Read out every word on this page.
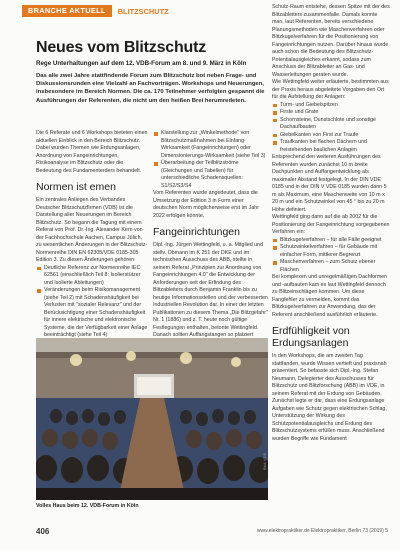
BRANCHE AKTUELL	BLITZSCHUTZ
Neues vom Blitzschutz
Rege Unterhaltungen auf dem 12. VDB-Forum am 8. und 9. März in Köln
Das alle zwei Jahre stattfindende Forum zum Blitzschutz bot neben Frage- und Diskussionsrunden eine Vielzahl an Fachvorträgen. Workshops und Neuerungen, insbesondere im Bereich Normen. Die ca. 170 Teilnehmer verfolgten gespannt die Ausführungen der Referenten, die nicht um den heißen Brei herumredeten.

Die 6 Referate und 6 Workshops bieteten einen aktuellen Einblick in den Bereich Blitzschutz. Dabei wurden Themen wie Erdungsanlagen, Anordnung von Fangeinrichtungen, Risikoanalyse im Blitzschutz oder die Bedeutung des Fundamenterders behandelt.

Normen ist emen

Ein zentrales Anliegen des Verbandes Deutscher Blitzschutzfirmen (VDB) ist die Darstellung aller Neuerungen im Bereich Blitzschutz. So begann die Tagung mit einem Referat von Prof. Dr.-Ing. Alexander Kern von der Fachhochschule Aachen, Campus Jülich, zu wesentlichen Änderungen in der Blitzschutz-Normenreihe DIN EN 62305/VDE 0185-305 Edition 3. Zu diesen Änderungen gehören:

Deutliche Referenz zur Normenreihe IEC 62561 (einschließlich Teil 8: Isolierstützer und Isolierte Ableitungen)
Veränderungen beim Risikomanagement (siehe Teil 2) mit Schadenshäufigkeit bei Verlusten mit "sozialer Relevanz" und der Berücksichtigung einer Schadenshäufigkeit für innere elektrische und elektronische Systeme, die der Verfügbarkeit einer Anlage beeinträchtigt (siehe Teil 4)
Klarstellung zur „Winkelmethode" von Blitzschutzmaßnahmen bei Einfang-Wirksamkeit (Fangeinrichtungen) oder Dimensionierungs-Wirksamkeit (siehe Teil 3)
Überarbeitung der Teilblitzströme (Gleichungen und Tabellen) für unterschiedliche Schadensquellen: S1/S2/S3/S4

Vom Referenten wurde angedeutet, dass die Umsetzung der Edition 3 in Form einer deutschen Norm möglicherweise erst im Jahr 2022 erfolgen könnte.

Fangeinrichtungen

Dipl.-Ing. Jürgen Wettingfeld, u. a. Mitglied und stellv. Obmann im K 251 der DKE und im technischen Ausschuss des ABB, stellte in seinem Referat „Prinzipien zur Anordnung von Fangeinrichtungen 4.0" die Entwicklung der Anforderungen seit der Erfindung des Blitzableiters durch Benjamin Franklin bis zu heutige Informationsstellen und der verbesserten Industriellen Revolution dar. In einer der letzten Publikationen zu diesem Thema „Die Blitzgefahr" Nr. 1 (1886) und z. T. heute noch gültige Festlegungen enthalten, betonte Wettingfeld. Danach sollten Auffangstangen so platziert

Schutz-Raum entstehe, dessen Spitze mit der des Blitzableiters zusammenfalle. Damals konnte man, laut Referenten, bereits verschiedene Planungsmethoden wie Maschenverfahren oder Blitzkugelverfahren für die Positionierung von Fangeinrichtungen nutzen. Darüber hinaus wurde auch schon die Bedeutung des Blitzschutz-Potentialausgleiches erkannt, sodass zum Anschluss der Blitzableiter an Gas- und Wasserleitungen geraten wurde.

Wie Wettingfeld weiter erläuterte, bestimmten aus der Praxis heraus abgeleitete Vorgaben den Ort für die Aufstellung der Anlagen:

Turm- und Giebelspitzen
Firste und Grate
Schornsteine, Dunstschlote und sonstige Dachaufbauten
Giebelkanten von First zur Traufe
Traufkanten bei flachen Dächern und freistehenden baulichen Anlagen

Entsprechend den weiteren Ausführungen des Referenten wurden zunächst 10 m breite Dachpunkten und Auffangentwicklung als maximaler Abstand festgelegt. In der DIN VDE 0185 und in der DIN V VDE 0185 wurden dann 5 m als Maximum, eine Maschenweite von 10 m x 20 m und ein Schutzwinkel von 45 ° bis zu 20 m Höhe definiert.

Wettingfeld ging dann auf die ab 2002 für die Positionierung der Fangeinrichtung vorgegebenen Verfahren ein:

Blitzkugelverfahren – für alle Fälle geeignet
Schutzwinkelverfahren – für Gebäude mit einfacher Form, mittlerer Begrenzt
Maschenverfahren – zum Schutz ebener Flächen

Bei komplexen und unregelmäßigen Dachformen und -aufbauten kam es laut Wettingfeld dennoch zu Blitzeinschlägen kommen. Um diese Fangfehler zu vermeiden, kommt das Blitzkugelverfahren zur Anwendung, das der Referent anschließend ausführlich erläuterte.

Erdfühligkeit von Erdungsanlagen

In den Workshops, die am zweiten Tag stattfanden, wurde Wissen vertieft und praxisnah präsentiert. So befasste sich Dipl.-Ing. Stefan Neumann, Delegierter des Ausschusses für Blitzschutz und Blitzforschung (ABB) im VDE, in seinem Referat mit der Erdung von Gebäuden. Zunächst legte er dar, dass eine Erdungsanlage Aufgaben wie Schutz gegen elektrischen Schlag, Unterstützung der Wirkung des Schutzpotentialausgleichs und Erdung des Blitzschutzsystems erfüllen muss. Anschließend wurden Begriffe wie Fundament

Bild: VDB
Volles Haus beim 12. VDB-Forum in Köln
406	www.elektropraktiker.de Elektropraktiker, Berlin 73 (2019) 5
